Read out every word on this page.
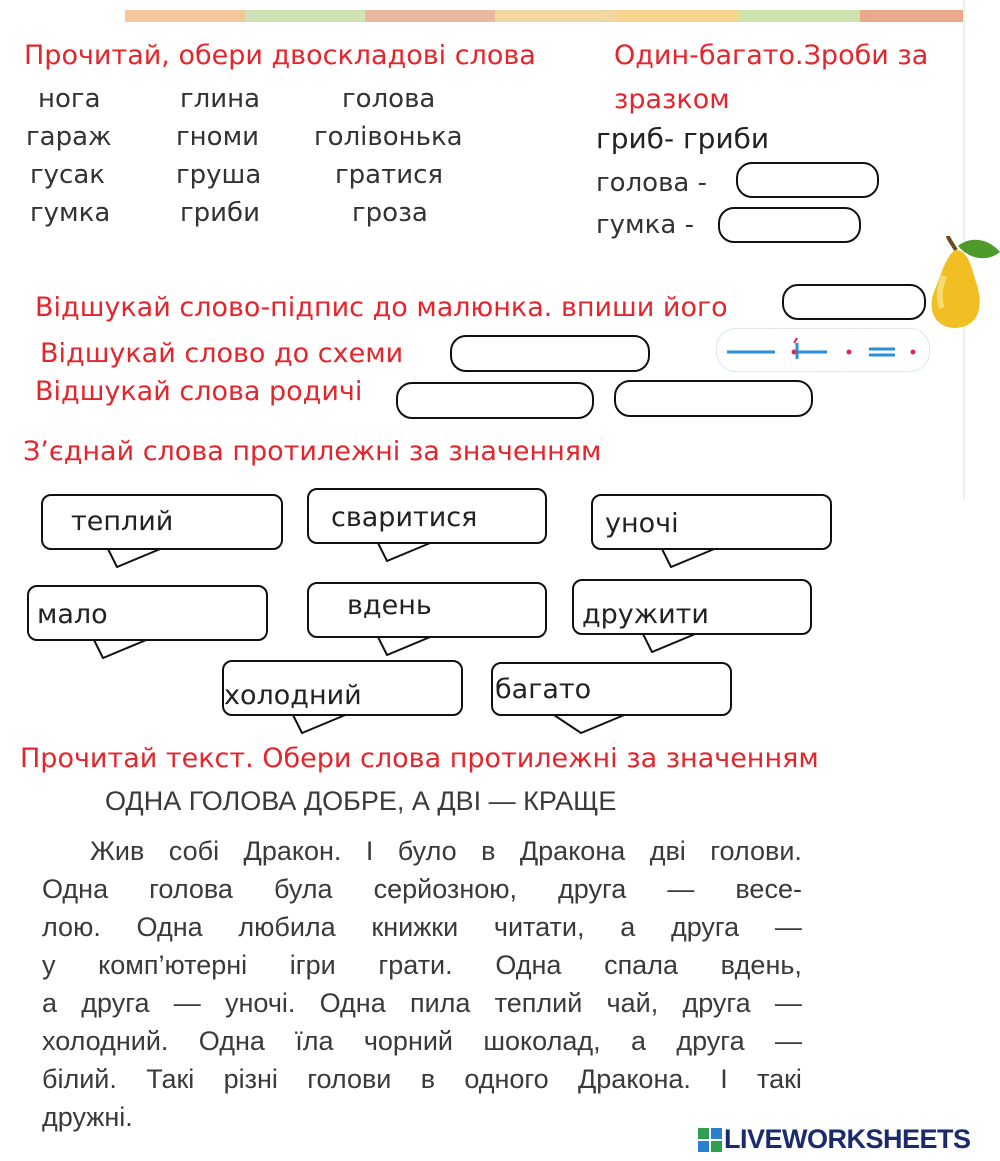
Прочитай, обери двоскладові слова
нога	глина	голова
гараж гноми голівонька
гусак	груша	гратися
гумка	гриби	гроза
Один-багато.Зроби за
зразком
гриб- гриби
голова -
гумка -
Відшукай слово-підпис до малюнка. впиши його
Відшукай слово до схеми
Відшукай слова родичі
З’єднай слова протилежні за значенням
теплий	сваритися	уночі
мало	вдень	дружити
холодний	багато
Прочитай текст. Обери слова протилежні за значенням
ОДНА ГОЛОВА ДОБРЕ, А ДВІ — КРАЩЕ
Жив собі Дракон. І було в Дракона дві голови.
Одна голова була серйозною, друга — весе-
лою. Одна любила книжки читати, а друга —
у комп’ютерні ігри грати. Одна спала вдень,
а друга — уночі. Одна пила теплий чай, друга —
холодний. Одна їла чорний шоколад, а друга —
білий. Такі різні голови в одного Дракона. І такі
дружні.
LIVEWORKSHEETS
